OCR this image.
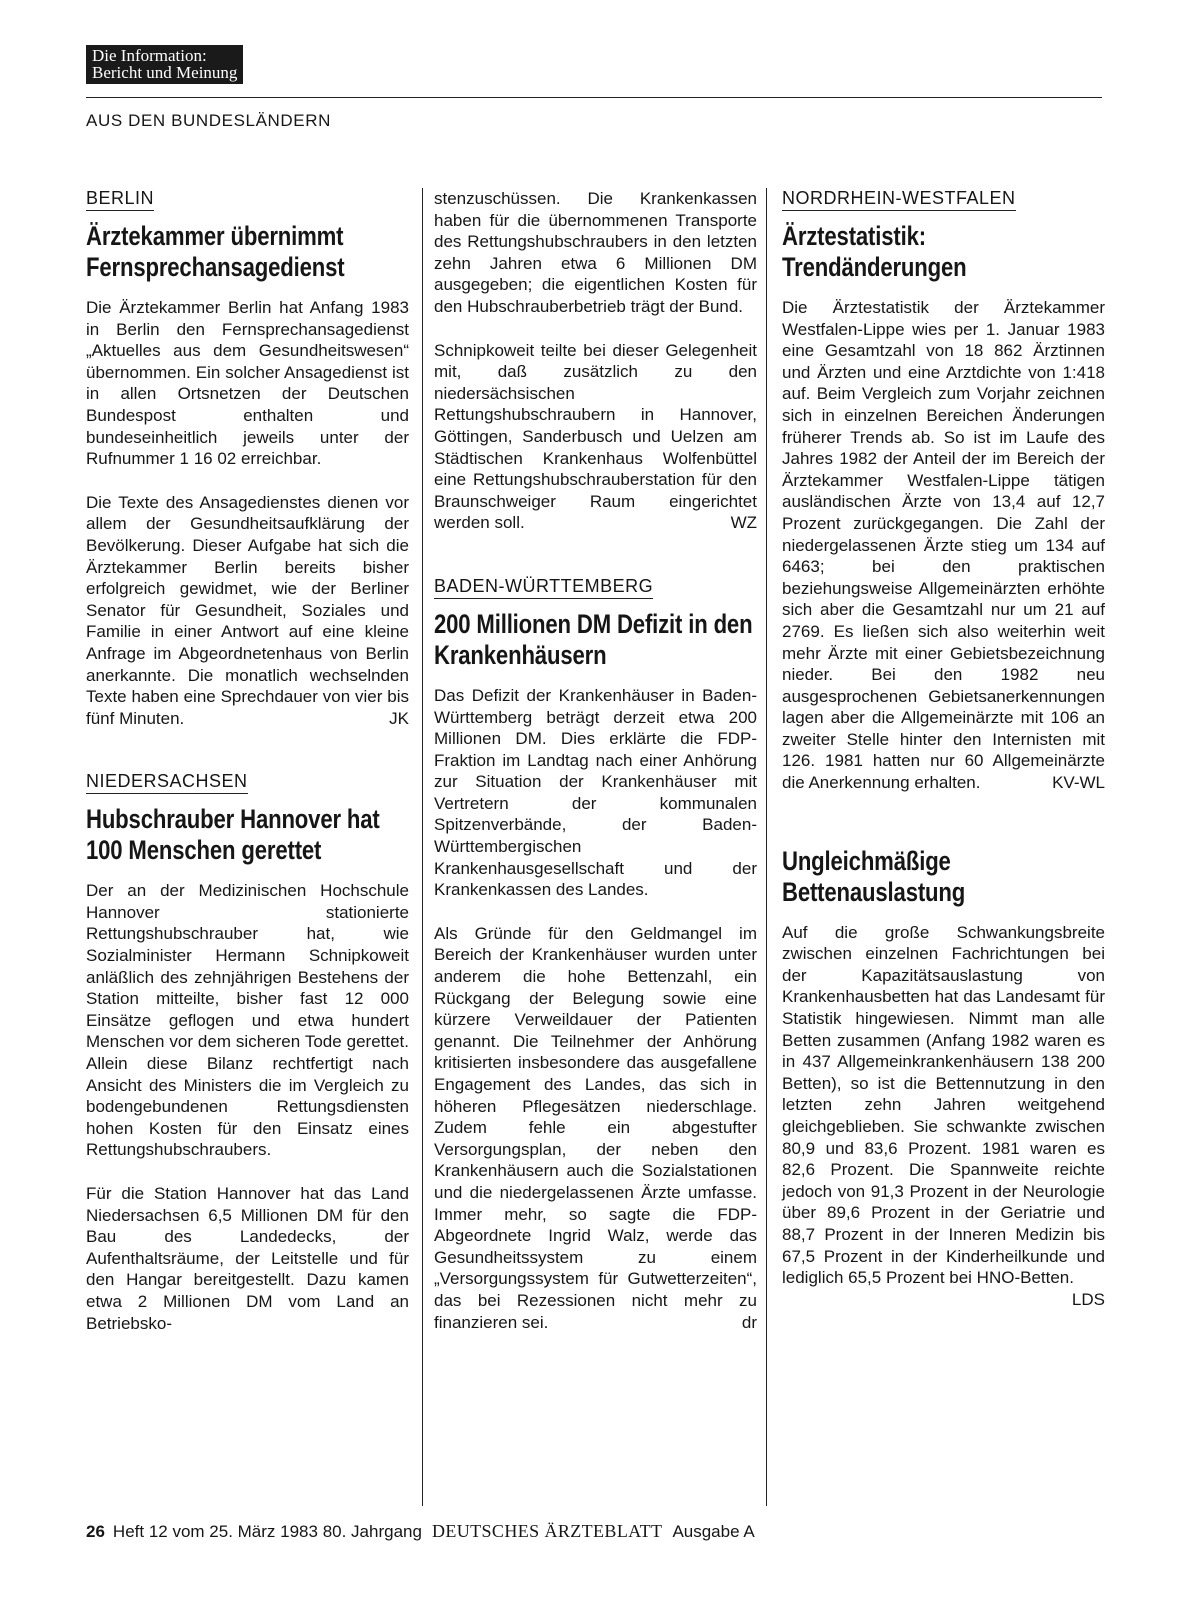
Die Information:
Bericht und Meinung
AUS DEN BUNDESLÄNDERN
BERLIN
Ärztekammer übernimmt Fernsprechansagedienst

Die Ärztekammer Berlin hat Anfang 1983 in Berlin den Fernsprechansagedienst „Aktuelles aus dem Gesundheitswesen“ übernommen. Ein solcher Ansagedienst ist in allen Ortsnetzen der Deutschen Bundespost enthalten und bundeseinheitlich jeweils unter der Rufnummer 1 16 02 erreichbar.

Die Texte des Ansagedienstes dienen vor allem der Gesundheitsaufklärung der Bevölkerung. Dieser Aufgabe hat sich die Ärztekammer Berlin bereits bisher erfolgreich gewidmet, wie der Berliner Senator für Gesundheit, Soziales und Familie in einer Antwort auf eine kleine Anfrage im Abgeordnetenhaus von Berlin anerkannte. Die monatlich wechselnden Texte haben eine Sprechdauer von vier bis fünf Minuten.	JK

NIEDERSACHSEN
Hubschrauber Hannover hat 100 Menschen gerettet

Der an der Medizinischen Hochschule Hannover stationierte Rettungshubschrauber hat, wie Sozialminister Hermann Schnipkoweit anläßlich des zehnjährigen Bestehens der Station mitteilte, bisher fast 12 000 Einsätze geflogen und etwa hundert Menschen vor dem sicheren Tode gerettet. Allein diese Bilanz rechtfertigt nach Ansicht des Ministers die im Vergleich zu bodengebundenen Rettungsdiensten hohen Kosten für den Einsatz eines Rettungshubschraubers.

Für die Station Hannover hat das Land Niedersachsen 6,5 Millionen DM für den Bau des Landedecks, der Aufenthaltsräume, der Leitstelle und für den Hangar bereitgestellt. Dazu kamen etwa 2 Millionen DM vom Land an Betriebsko-

stenzuschüssen. Die Krankenkassen haben für die übernommenen Transporte des Rettungshubschraubers in den letzten zehn Jahren etwa 6 Millionen DM ausgegeben; die eigentlichen Kosten für den Hubschrauberbetrieb trägt der Bund.

Schnipkoweit teilte bei dieser Gelegenheit mit, daß zusätzlich zu den niedersächsischen Rettungshubschraubern in Hannover, Göttingen, Sanderbusch und Uelzen am Städtischen Krankenhaus Wolfenbüttel eine Rettungshubschrauberstation für den Braunschweiger Raum eingerichtet werden soll.	WZ

BADEN-WÜRTTEMBERG
200 Millionen DM Defizit in den Krankenhäusern

Das Defizit der Krankenhäuser in Baden-Württemberg beträgt derzeit etwa 200 Millionen DM. Dies erklärte die FDP-Fraktion im Landtag nach einer Anhörung zur Situation der Krankenhäuser mit Vertretern der kommunalen Spitzenverbände, der Baden-Württembergischen Krankenhausgesellschaft und der Krankenkassen des Landes.

Als Gründe für den Geldmangel im Bereich der Krankenhäuser wurden unter anderem die hohe Bettenzahl, ein Rückgang der Belegung sowie eine kürzere Verweildauer der Patienten genannt. Die Teilnehmer der Anhörung kritisierten insbesondere das ausgefallene Engagement des Landes, das sich in höheren Pflegesätzen niederschlage. Zudem fehle ein abgestufter Versorgungsplan, der neben den Krankenhäusern auch die Sozialstationen und die niedergelassenen Ärzte umfasse. Immer mehr, so sagte die FDP-Abgeordnete Ingrid Walz, werde das Gesundheitssystem zu einem „Versorgungssystem für Gutwetterzeiten“, das bei Rezessionen nicht mehr zu finanzieren sei.	dr

NORDRHEIN-WESTFALEN
Ärztestatistik: Trendänderungen

Die Ärztestatistik der Ärztekammer Westfalen-Lippe wies per 1. Januar 1983 eine Gesamtzahl von 18 862 Ärztinnen und Ärzten und eine Arztdichte von 1:418 auf. Beim Vergleich zum Vorjahr zeichnen sich in einzelnen Bereichen Änderungen früherer Trends ab. So ist im Laufe des Jahres 1982 der Anteil der im Bereich der Ärztekammer Westfalen-Lippe tätigen ausländischen Ärzte von 13,4 auf 12,7 Prozent zurückgegangen. Die Zahl der niedergelassenen Ärzte stieg um 134 auf 6463; bei den praktischen beziehungsweise Allgemeinärzten erhöhte sich aber die Gesamtzahl nur um 21 auf 2769. Es ließen sich also weiterhin weit mehr Ärzte mit einer Gebietsbezeichnung nieder. Bei den 1982 neu ausgesprochenen Gebietsanerkennungen lagen aber die Allgemeinärzte mit 106 an zweiter Stelle hinter den Internisten mit 126. 1981 hatten nur 60 Allgemeinärzte die Anerkennung erhalten.	KV-WL

Ungleichmäßige Bettenauslastung

Auf die große Schwankungsbreite zwischen einzelnen Fachrichtungen bei der Kapazitätsauslastung von Krankenhausbetten hat das Landesamt für Statistik hingewiesen. Nimmt man alle Betten zusammen (Anfang 1982 waren es in 437 Allgemeinkrankenhäusern 138 200 Betten), so ist die Bettennutzung in den letzten zehn Jahren weitgehend gleichgeblieben. Sie schwankte zwischen 80,9 und 83,6 Prozent. 1981 waren es 82,6 Prozent. Die Spannweite reichte jedoch von 91,3 Prozent in der Neurologie über 89,6 Prozent in der Geriatrie und 88,7 Prozent in der Inneren Medizin bis 67,5 Prozent in der Kinderheilkunde und lediglich 65,5 Prozent bei HNO-Betten.
LDS

26 Heft 12 vom 25. März 1983 80. Jahrgang DEUTSCHES ÄRZTEBLATT Ausgabe A
